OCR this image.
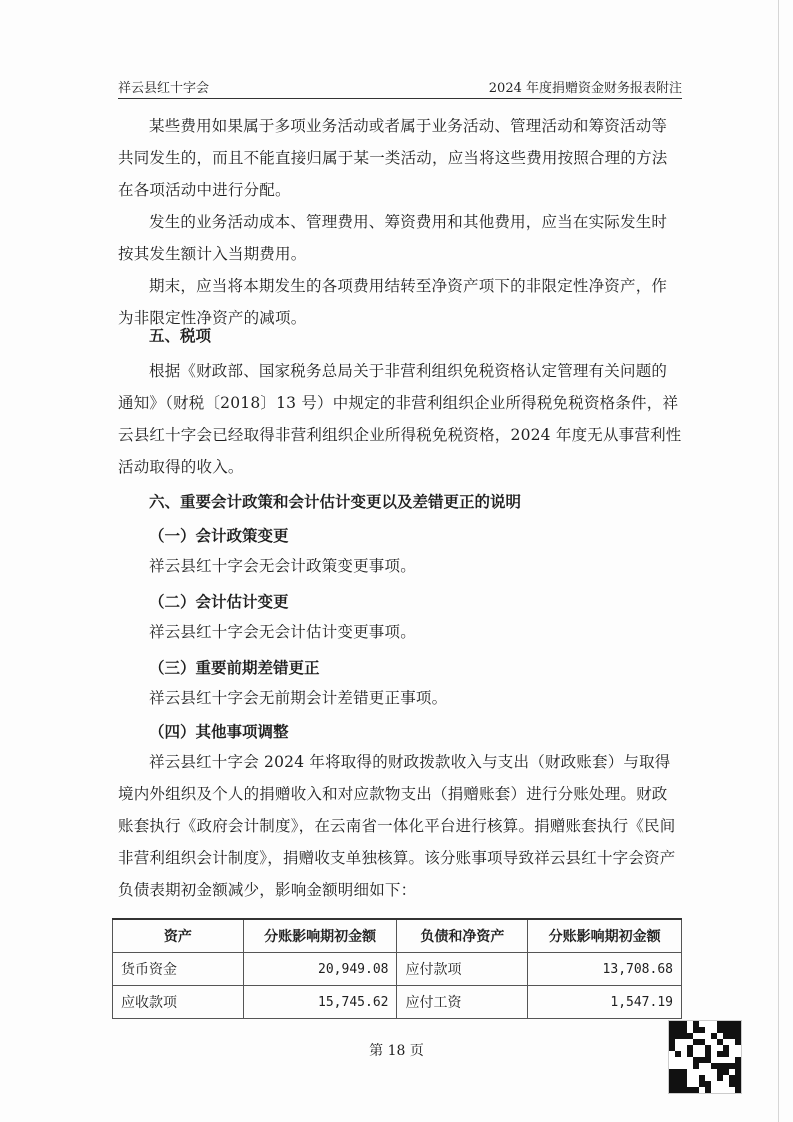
祥云县红十字会	2024 年度捐赠资金财务报表附注

某些费用如果属于多项业务活动或者属于业务活动、管理活动和筹资活动等共同发生的，而且不能直接归属于某一类活动，应当将这些费用按照合理的方法在各项活动中进行分配。

发生的业务活动成本、管理费用、筹资费用和其他费用，应当在实际发生时按其发生额计入当期费用。

期末，应当将本期发生的各项费用结转至净资产项下的非限定性净资产，作为非限定性净资产的减项。

五、税项

根据《财政部、国家税务总局关于非营利组织免税资格认定管理有关问题的通知》（财税〔2018〕13 号）中规定的非营利组织企业所得税免税资格条件，祥云县红十字会已经取得非营利组织企业所得税免税资格，2024 年度无从事营利性活动取得的收入。

六、重要会计政策和会计估计变更以及差错更正的说明

（一）会计政策变更

祥云县红十字会无会计政策变更事项。

（二）会计估计变更

祥云县红十字会无会计估计变更事项。

（三）重要前期差错更正

祥云县红十字会无前期会计差错更正事项。

（四）其他事项调整

祥云县红十字会 2024 年将取得的财政拨款收入与支出（财政账套）与取得境内外组织及个人的捐赠收入和对应款物支出（捐赠账套）进行分账处理。财政账套执行《政府会计制度》，在云南省一体化平台进行核算。捐赠账套执行《民间非营利组织会计制度》，捐赠收支单独核算。该分账事项导致祥云县红十字会资产负债表期初金额减少，影响金额明细如下：

资产	分账影响期初金额	负债和净资产	分账影响期初金额
货币资金	20,949.08	应付款项	13,708.68
应收款项	15,745.62	应付工资	1,547.19
第 18 页
